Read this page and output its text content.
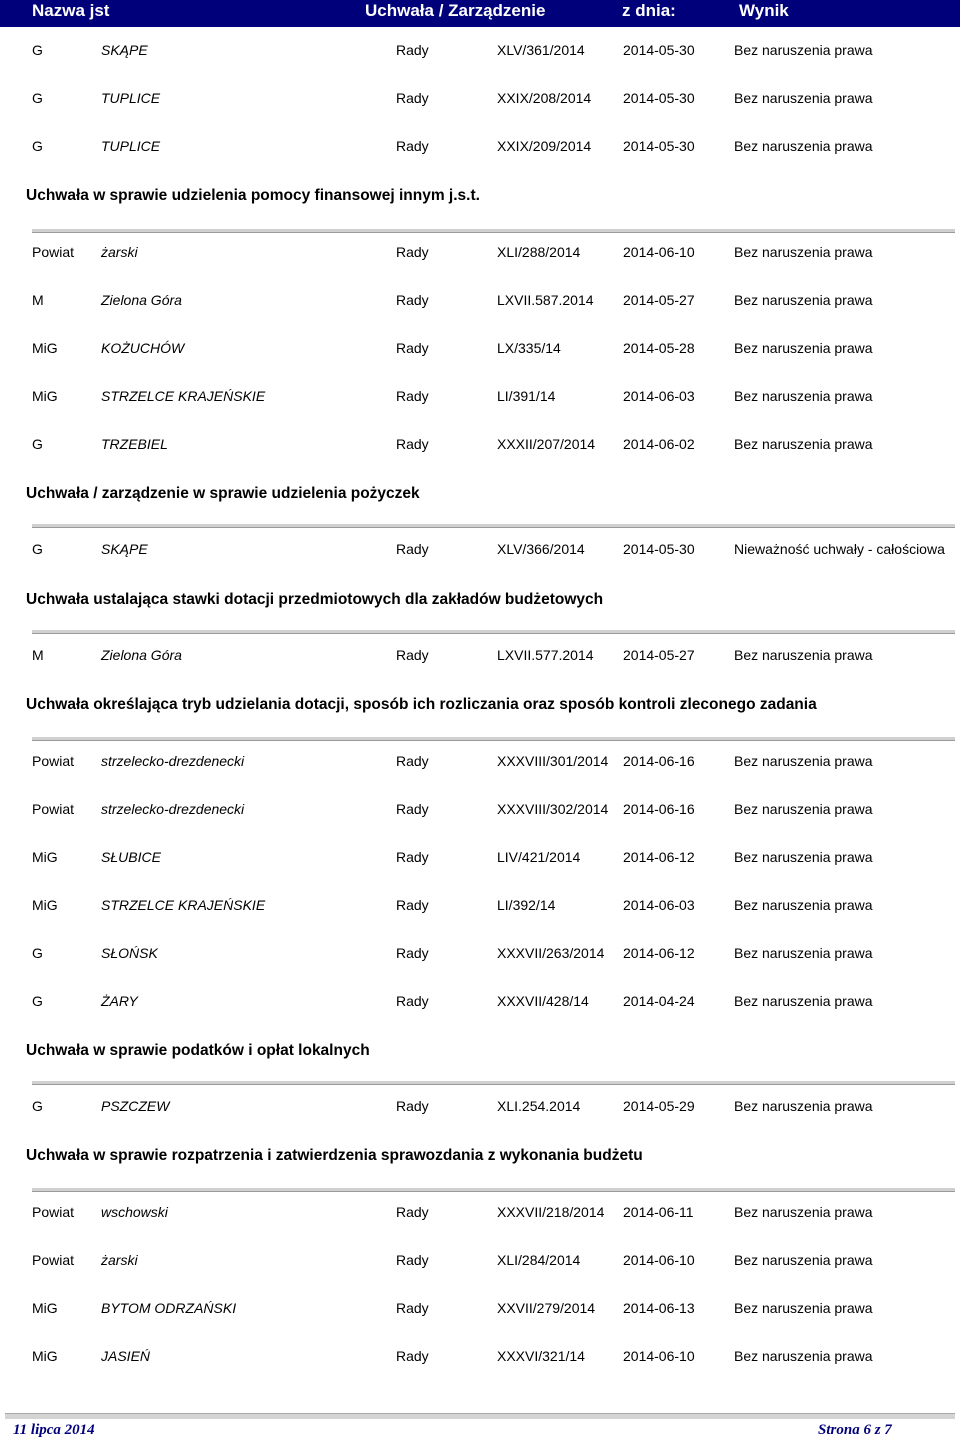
Nazwa jst	Uchwała / Zarządzenie	z dnia:	Wynik
G	SKĄPE	Rady	XLV/361/2014	2014-05-30	Bez naruszenia prawa
G	TUPLICE	Rady	XXIX/208/2014 2014-05-30	Bez naruszenia prawa
G	TUPLICE	Rady	XXIX/209/2014 2014-05-30	Bez naruszenia prawa
Uchwała w sprawie udzielenia pomocy finansowej innym j.s.t.
Powiat żarski	Rady	XLI/288/2014	2014-06-10	Bez naruszenia prawa
M	Zielona Góra	Rady	LXVII.587.2014 2014-05-27	Bez naruszenia prawa
MiG	KOŻUCHÓW	Rady	LX/335/14	2014-05-28	Bez naruszenia prawa
MiG	STRZELCE KRAJEŃSKIE	Rady	LI/391/14	2014-06-03	Bez naruszenia prawa
G	TRZEBIEL	Rady	XXXII/207/2014 2014-06-02	Bez naruszenia prawa
Uchwała / zarządzenie w sprawie udzielenia pożyczek
G	SKĄPE	Rady	XLV/366/2014	2014-05-30	Nieważność uchwały - całościowa
Uchwała ustalająca stawki dotacji przedmiotowych dla zakładów budżetowych
M	Zielona Góra	Rady	LXVII.577.2014 2014-05-27	Bez naruszenia prawa
Uchwała określająca tryb udzielania dotacji, sposób ich rozliczania oraz sposób kontroli zleconego zadania
Powiat strzelecko-drezdenecki	Rady	XXXVIII/301/2014 2014-06-16	Bez naruszenia prawa
Powiat strzelecko-drezdenecki	Rady	XXXVIII/302/2014 2014-06-16	Bez naruszenia prawa
MiG	SŁUBICE	Rady	LIV/421/2014	2014-06-12	Bez naruszenia prawa
MiG	STRZELCE KRAJEŃSKIE	Rady	LI/392/14	2014-06-03	Bez naruszenia prawa
G	SŁOŃSK	Rady	XXXVII/263/2014 2014-06-12	Bez naruszenia prawa
G	ŻARY	Rady	XXXVII/428/14 2014-04-24	Bez naruszenia prawa
Uchwała w sprawie podatków i opłat lokalnych
G	PSZCZEW	Rady	XLI.254.2014	2014-05-29	Bez naruszenia prawa
Uchwała w sprawie rozpatrzenia i zatwierdzenia sprawozdania z wykonania budżetu
Powiat wschowski	Rady	XXXVII/218/2014 2014-06-11	Bez naruszenia prawa
Powiat żarski	Rady	XLI/284/2014	2014-06-10	Bez naruszenia prawa
MiG	BYTOM ODRZAŃSKI	Rady	XXVII/279/2014 2014-06-13	Bez naruszenia prawa
MiG	JASIEŃ	Rady	XXXVI/321/14	2014-06-10	Bez naruszenia prawa
11 lipca 2014	Strona 6 z 7
